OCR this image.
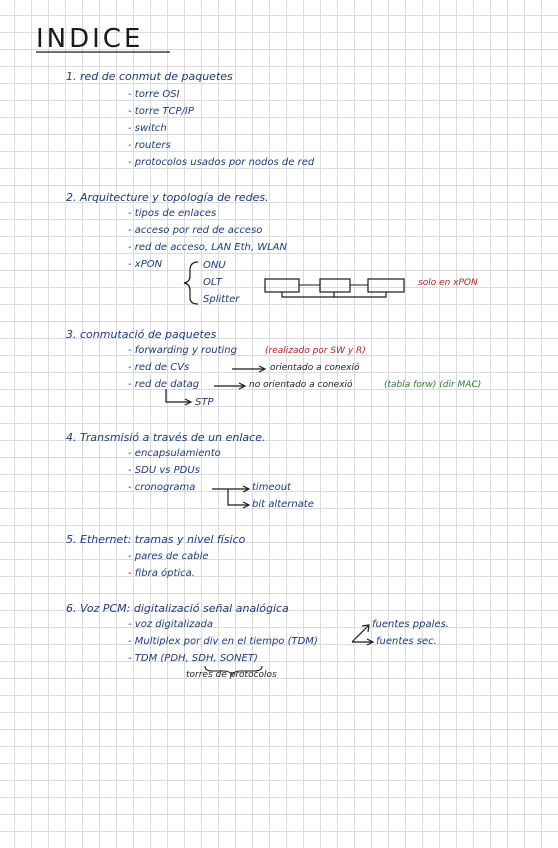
INDICE
1. red de conmut de paquetes
- torre OSI
- torre TCP/IP
- switch
- routers
- protocolos usados por nodos de red
2. Arquitecture y topología de redes.
- tipos de enlaces
- acceso por red de acceso
- red de acceso, LAN Eth, WLAN
- xPON	ONU
OLT
Splitter
solo en xPON
3. conmutació de paquetes
- forwarding y routing	(realizado por SW y R)
- red de CVs	orientado a conexió
- red de datag	no orientado a conexió	(tabla forw) (dir MAC)
STP
4. Transmisió a través de un enlace.
- encapsulamiento
- SDU vs PDUs
- cronograma	timeout
bit alternate
5. Ethernet: tramas y nivel físico
- pares de cable
- fibra óptica.
6. Voz PCM: digitalizació señal analógica
- voz digitalizada
- Multiplex por div en el tiempo (TDM)
fuentes ppales.
fuentes sec.
- TDM (PDH, SDH, SONET)
torres de protocolos
